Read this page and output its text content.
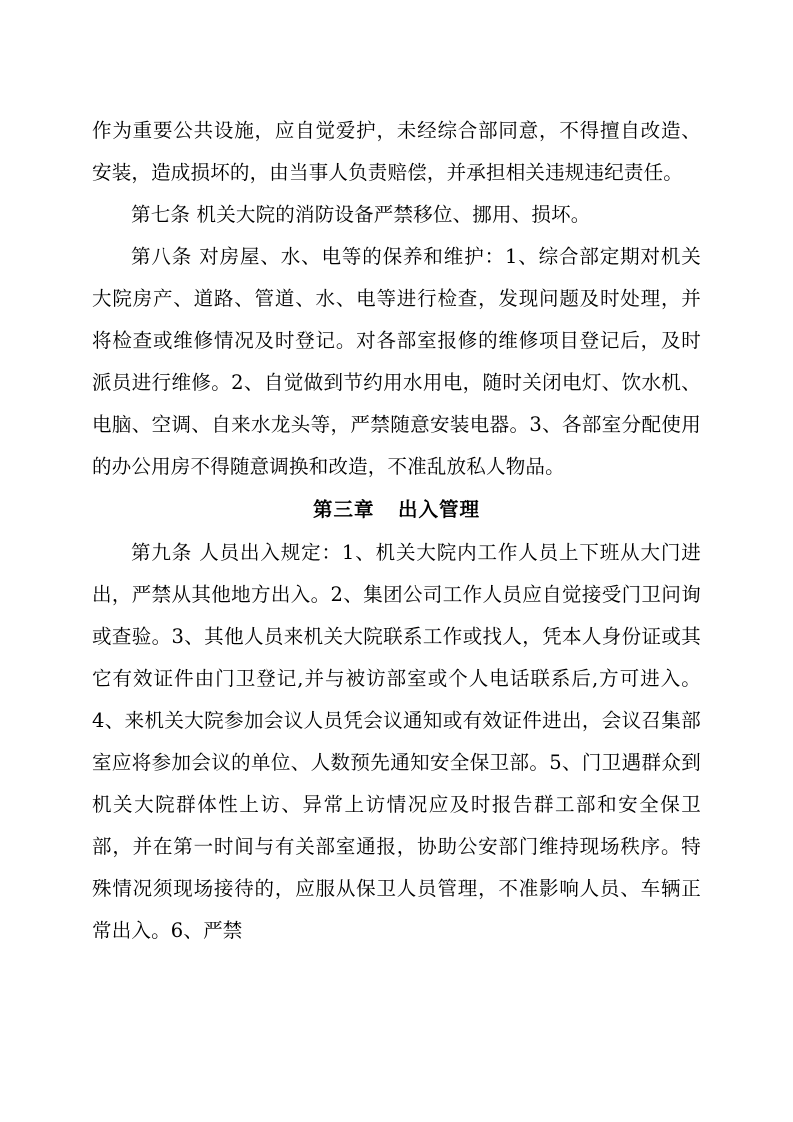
作为重要公共设施，应自觉爱护，未经综合部同意，不得擅自改造、安装，造成损坏的，由当事人负责赔偿，并承担相关违规违纪责任。

第七条 机关大院的消防设备严禁移位、挪用、损坏。

第八条 对房屋、水、电等的保养和维护：1、综合部定期对机关大院房产、道路、管道、水、电等进行检查，发现问题及时处理，并将检查或维修情况及时登记。对各部室报修的维修项目登记后，及时派员进行维修。2、自觉做到节约用水用电，随时关闭电灯、饮水机、电脑、空调、自来水龙头等，严禁随意安装电器。3、各部室分配使用的办公用房不得随意调换和改造，不准乱放私人物品。

第三章 出入管理

第九条 人员出入规定：1、机关大院内工作人员上下班从大门进出，严禁从其他地方出入。2、集团公司工作人员应自觉接受门卫问询或查验。3、其他人员来机关大院联系工作或找人，凭本人身份证或其它有效证件由门卫登记,并与被访部室或个人电话联系后,方可进入。4、来机关大院参加会议人员凭会议通知或有效证件进出，会议召集部室应将参加会议的单位、人数预先通知安全保卫部。5、门卫遇群众到机关大院群体性上访、异常上访情况应及时报告群工部和安全保卫部，并在第一时间与有关部室通报，协助公安部门维持现场秩序。特殊情况须现场接待的，应服从保卫人员管理，不准影响人员、车辆正常出入。6、严禁
